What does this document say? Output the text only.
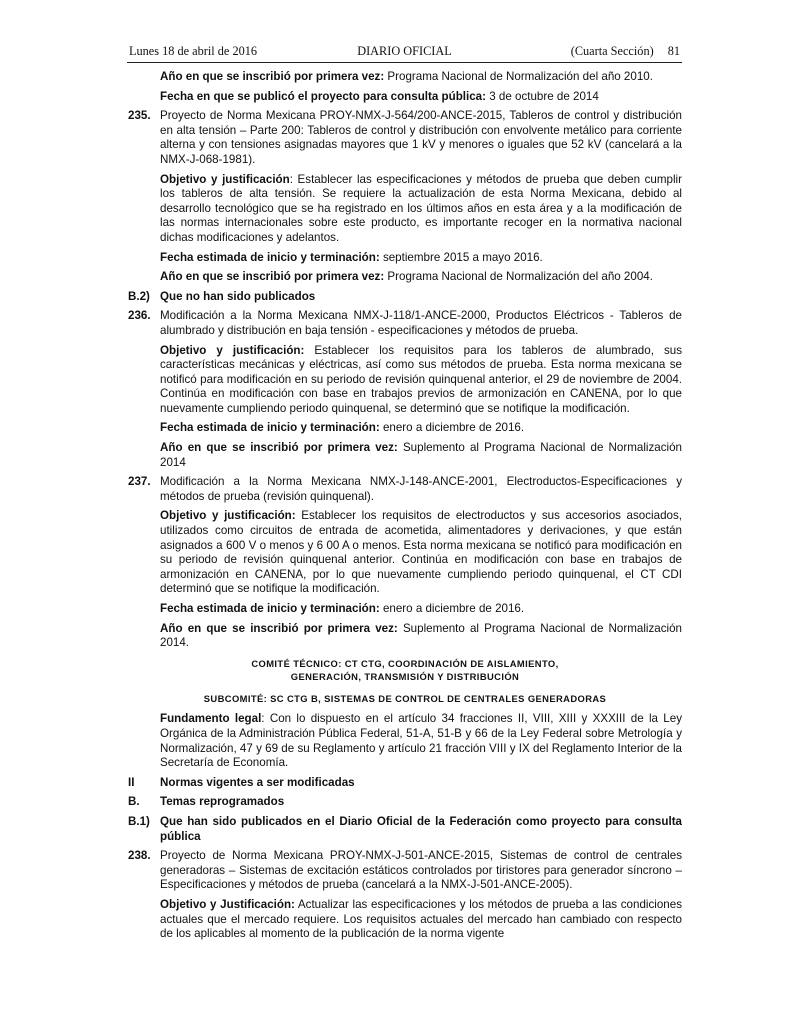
Lunes 18 de abril de 2016	DIARIO OFICIAL	(Cuarta Sección) 81
Año en que se inscribió por primera vez: Programa Nacional de Normalización del año 2010.
Fecha en que se publicó el proyecto para consulta pública: 3 de octubre de 2014
235. Proyecto de Norma Mexicana PROY-NMX-J-564/200-ANCE-2015, Tableros de control y distribución en alta tensión – Parte 200: Tableros de control y distribución con envolvente metálico para corriente alterna y con tensiones asignadas mayores que 1 kV y menores o iguales que 52 kV (cancelará a la NMX-J-068-1981).
Objetivo y justificación: Establecer las especificaciones y métodos de prueba que deben cumplir los tableros de alta tensión. Se requiere la actualización de esta Norma Mexicana, debido al desarrollo tecnológico que se ha registrado en los últimos años en esta área y a la modificación de las normas internacionales sobre este producto, es importante recoger en la normativa nacional dichas modificaciones y adelantos.
Fecha estimada de inicio y terminación: septiembre 2015 a mayo 2016.
Año en que se inscribió por primera vez: Programa Nacional de Normalización del año 2004.
B.2) Que no han sido publicados
236. Modificación a la Norma Mexicana NMX-J-118/1-ANCE-2000, Productos Eléctricos - Tableros de alumbrado y distribución en baja tensión - especificaciones y métodos de prueba.
Objetivo y justificación: Establecer los requisitos para los tableros de alumbrado, sus características mecánicas y eléctricas, así como sus métodos de prueba. Esta norma mexicana se notificó para modificación en su periodo de revisión quinquenal anterior, el 29 de noviembre de 2004. Continúa en modificación con base en trabajos previos de armonización en CANENA, por lo que nuevamente cumpliendo periodo quinquenal, se determinó que se notifique la modificación.
Fecha estimada de inicio y terminación: enero a diciembre de 2016.
Año en que se inscribió por primera vez: Suplemento al Programa Nacional de Normalización 2014
237. Modificación a la Norma Mexicana NMX-J-148-ANCE-2001, Electroductos-Especificaciones y métodos de prueba (revisión quinquenal).
Objetivo y justificación: Establecer los requisitos de electroductos y sus accesorios asociados, utilizados como circuitos de entrada de acometida, alimentadores y derivaciones, y que están asignados a 600 V o menos y 6 00 A o menos. Esta norma mexicana se notificó para modificación en su periodo de revisión quinquenal anterior. Continúa en modificación con base en trabajos de armonización en CANENA, por lo que nuevamente cumpliendo periodo quinquenal, el CT CDI determinó que se notifique la modificación.
Fecha estimada de inicio y terminación: enero a diciembre de 2016.
Año en que se inscribió por primera vez: Suplemento al Programa Nacional de Normalización 2014.
COMITÉ TÉCNICO: CT CTG, COORDINACIÓN DE AISLAMIENTO,
GENERACIÓN, TRANSMISIÓN Y DISTRIBUCIÓN
SUBCOMITÉ: SC CTG B, SISTEMAS DE CONTROL DE CENTRALES GENERADORAS
Fundamento legal: Con lo dispuesto en el artículo 34 fracciones II, VIII, XIII y XXXIII de la Ley Orgánica de la Administración Pública Federal, 51-A, 51-B y 66 de la Ley Federal sobre Metrología y Normalización, 47 y 69 de su Reglamento y artículo 21 fracción VIII y IX del Reglamento Interior de la Secretaría de Economía.
II Normas vigentes a ser modificadas
B. Temas reprogramados
B.1) Que han sido publicados en el Diario Oficial de la Federación como proyecto para consulta pública
238. Proyecto de Norma Mexicana PROY-NMX-J-501-ANCE-2015, Sistemas de control de centrales generadoras – Sistemas de excitación estáticos controlados por tiristores para generador síncrono – Especificaciones y métodos de prueba (cancelará a la NMX-J-501-ANCE-2005).
Objetivo y Justificación: Actualizar las especificaciones y los métodos de prueba a las condiciones actuales que el mercado requiere. Los requisitos actuales del mercado han cambiado con respecto de los aplicables al momento de la publicación de la norma vigente
